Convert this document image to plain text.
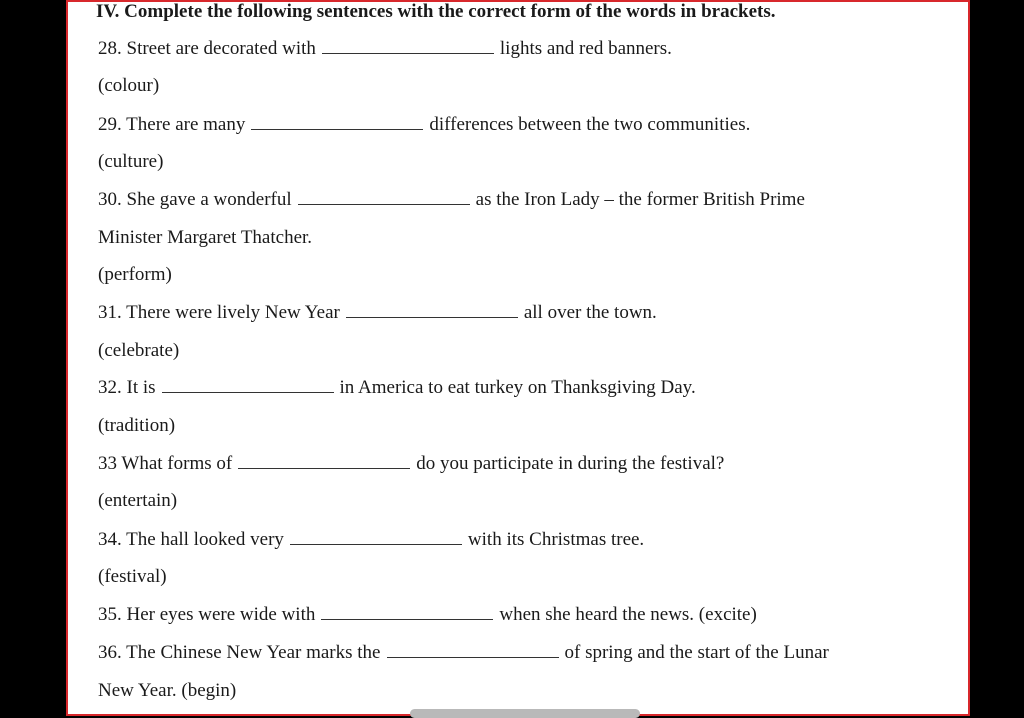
IV. Complete the following sentences with the correct form of the words in brackets.
28. Street are decorated with	lights and red banners.
(colour)
29. There are many	differences between the two communities.
(culture)
30. She gave a wonderful	as the Iron Lady – the former British Prime
Minister Margaret Thatcher.
(perform)
31. There were lively New Year	all over the town.
(celebrate)
32. It is	in America to eat turkey on Thanksgiving Day.
(tradition)
33 What forms of	do you participate in during the festival?
(entertain)
34. The hall looked very	with its Christmas tree.
(festival)
35. Her eyes were wide with	when she heard the news. (excite)
36. The Chinese New Year marks the	of spring and the start of the Lunar
New Year. (begin)
